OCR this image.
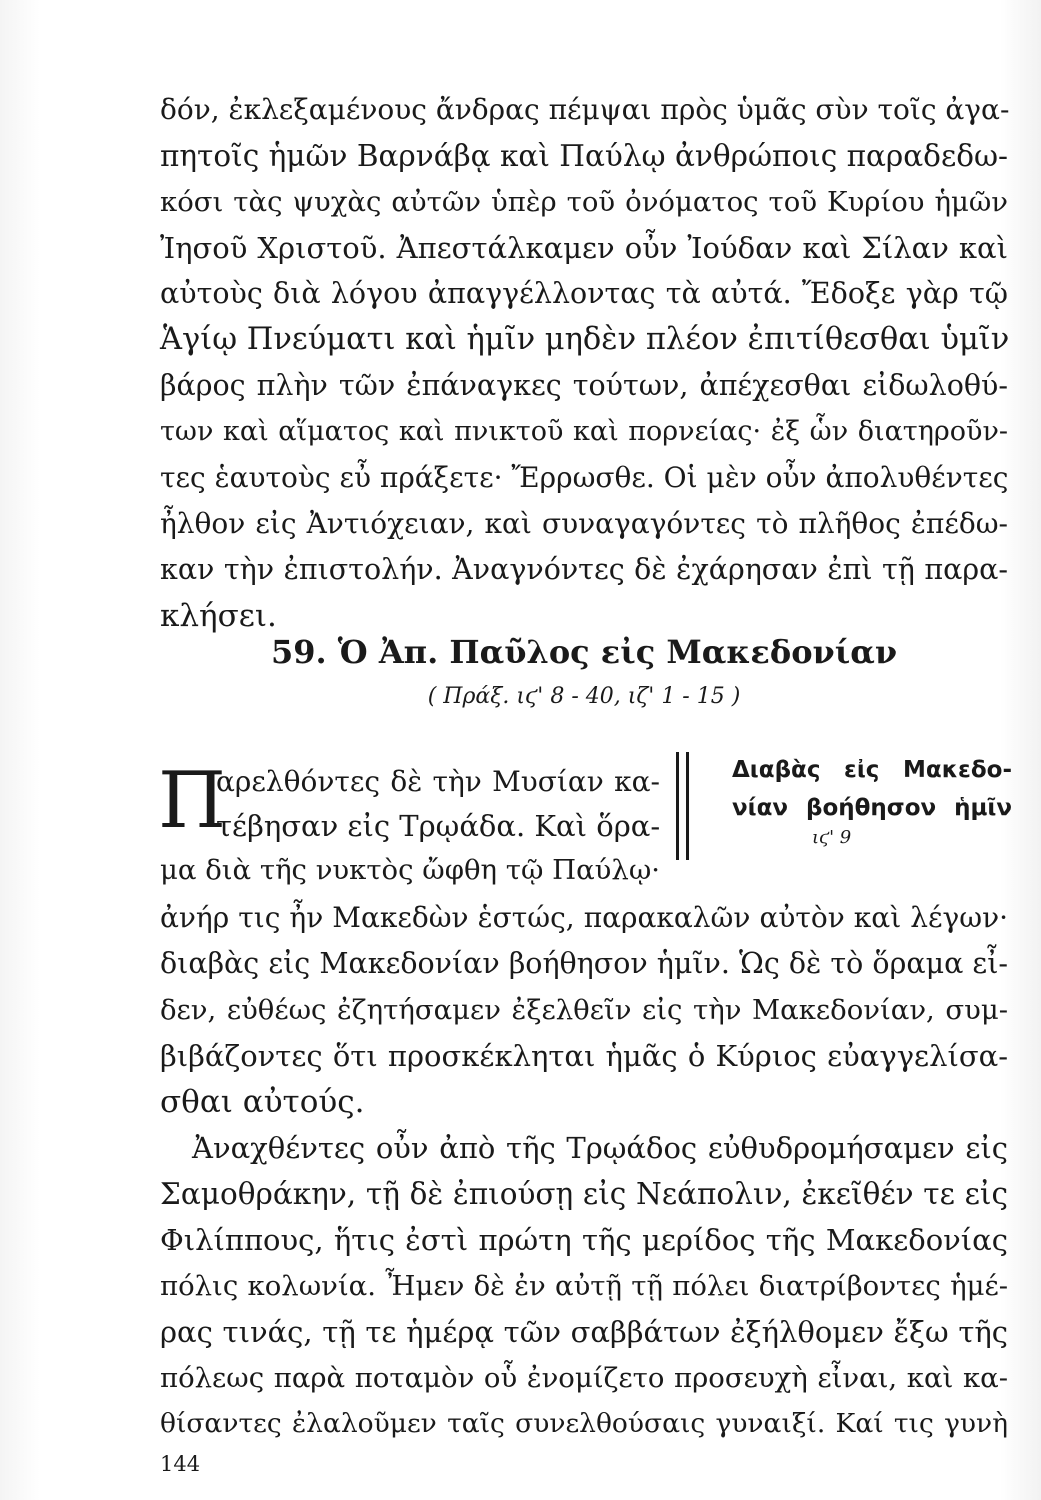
δόν, ἐκλεξαμένους ἄνδρας πέμψαι πρὸς ὑμᾶς σὺν τοῖς ἀγα-
πητοῖς ἡμῶν Βαρνάβᾳ καὶ Παύλῳ ἀνθρώποις παραδεδω-
κόσι τὰς ψυχὰς αὐτῶν ὑπὲρ τοῦ ὀνόματος τοῦ Κυρίου ἡμῶν
Ἰησοῦ Χριστοῦ. Ἀπεστάλκαμεν οὖν Ἰούδαν καὶ Σίλαν καὶ
αὐτοὺς διὰ λόγου ἀπαγγέλλοντας τὰ αὐτά. Ἔδοξε γὰρ τῷ
Ἁγίῳ Πνεύματι καὶ ἡμῖν μηδὲν πλέον ἐπιτίθεσθαι ὑμῖν
βάρος πλὴν τῶν ἐπάναγκες τούτων, ἀπέχεσθαι εἰδωλοθύ-
των καὶ αἵματος καὶ πνικτοῦ καὶ πορνείας· ἐξ ὧν διατηροῦν-
τες ἑαυτοὺς εὖ πράξετε· Ἔρρωσθε. Οἱ μὲν οὖν ἀπολυθέντες
ἦλθον εἰς Ἀντιόχειαν, καὶ συναγαγόντες τὸ πλῆθος ἐπέδω-
καν τὴν ἐπιστολήν. Ἀναγνόντες δὲ ἐχάρησαν ἐπὶ τῇ παρα-
κλήσει.
59. Ὁ Ἀπ. Παῦλος εἰς Μακεδονίαν
( Πράξ. ιϛ' 8 - 40, ιζ' 1 - 15 )
Π
αρελθόντες δὲ τὴν Μυσίαν κα-
τέβησαν εἰς Τρῳάδα. Καὶ ὅρα-
μα διὰ τῆς νυκτὸς ὤφθη τῷ Παύλῳ·
Διαβὰς εἰς Μακεδο-
νίαν βοήθησον ἡμῖν
ιϛ' 9
ἀνήρ τις ἦν Μακεδὼν ἑστώς, παρακαλῶν αὐτὸν καὶ λέγων·
διαβὰς εἰς Μακεδονίαν βοήθησον ἡμῖν. Ὡς δὲ τὸ ὅραμα εἶ-
δεν, εὐθέως ἐζητήσαμεν ἐξελθεῖν εἰς τὴν Μακεδονίαν, συμ-
βιβάζοντες ὅτι προσκέκληται ἡμᾶς ὁ Κύριος εὐαγγελίσα-
σθαι αὐτούς.
Ἀναχθέντες οὖν ἀπὸ τῆς Τρῳάδος εὐθυδρομήσαμεν εἰς
Σαμοθράκην, τῇ δὲ ἐπιούσῃ εἰς Νεάπολιν, ἐκεῖθέν τε εἰς
Φιλίππους, ἥτις ἐστὶ πρώτη τῆς μερίδος τῆς Μακεδονίας
πόλις κολωνία. Ἦμεν δὲ ἐν αὐτῇ τῇ πόλει διατρίβοντες ἡμέ-
ρας τινάς, τῇ τε ἡμέρᾳ τῶν σαββάτων ἐξήλθομεν ἔξω τῆς
πόλεως παρὰ ποταμὸν οὗ ἐνομίζετο προσευχὴ εἶναι, καὶ κα-
θίσαντες ἐλαλοῦμεν ταῖς συνελθούσαις γυναιξί. Καί τις γυνὴ
144
